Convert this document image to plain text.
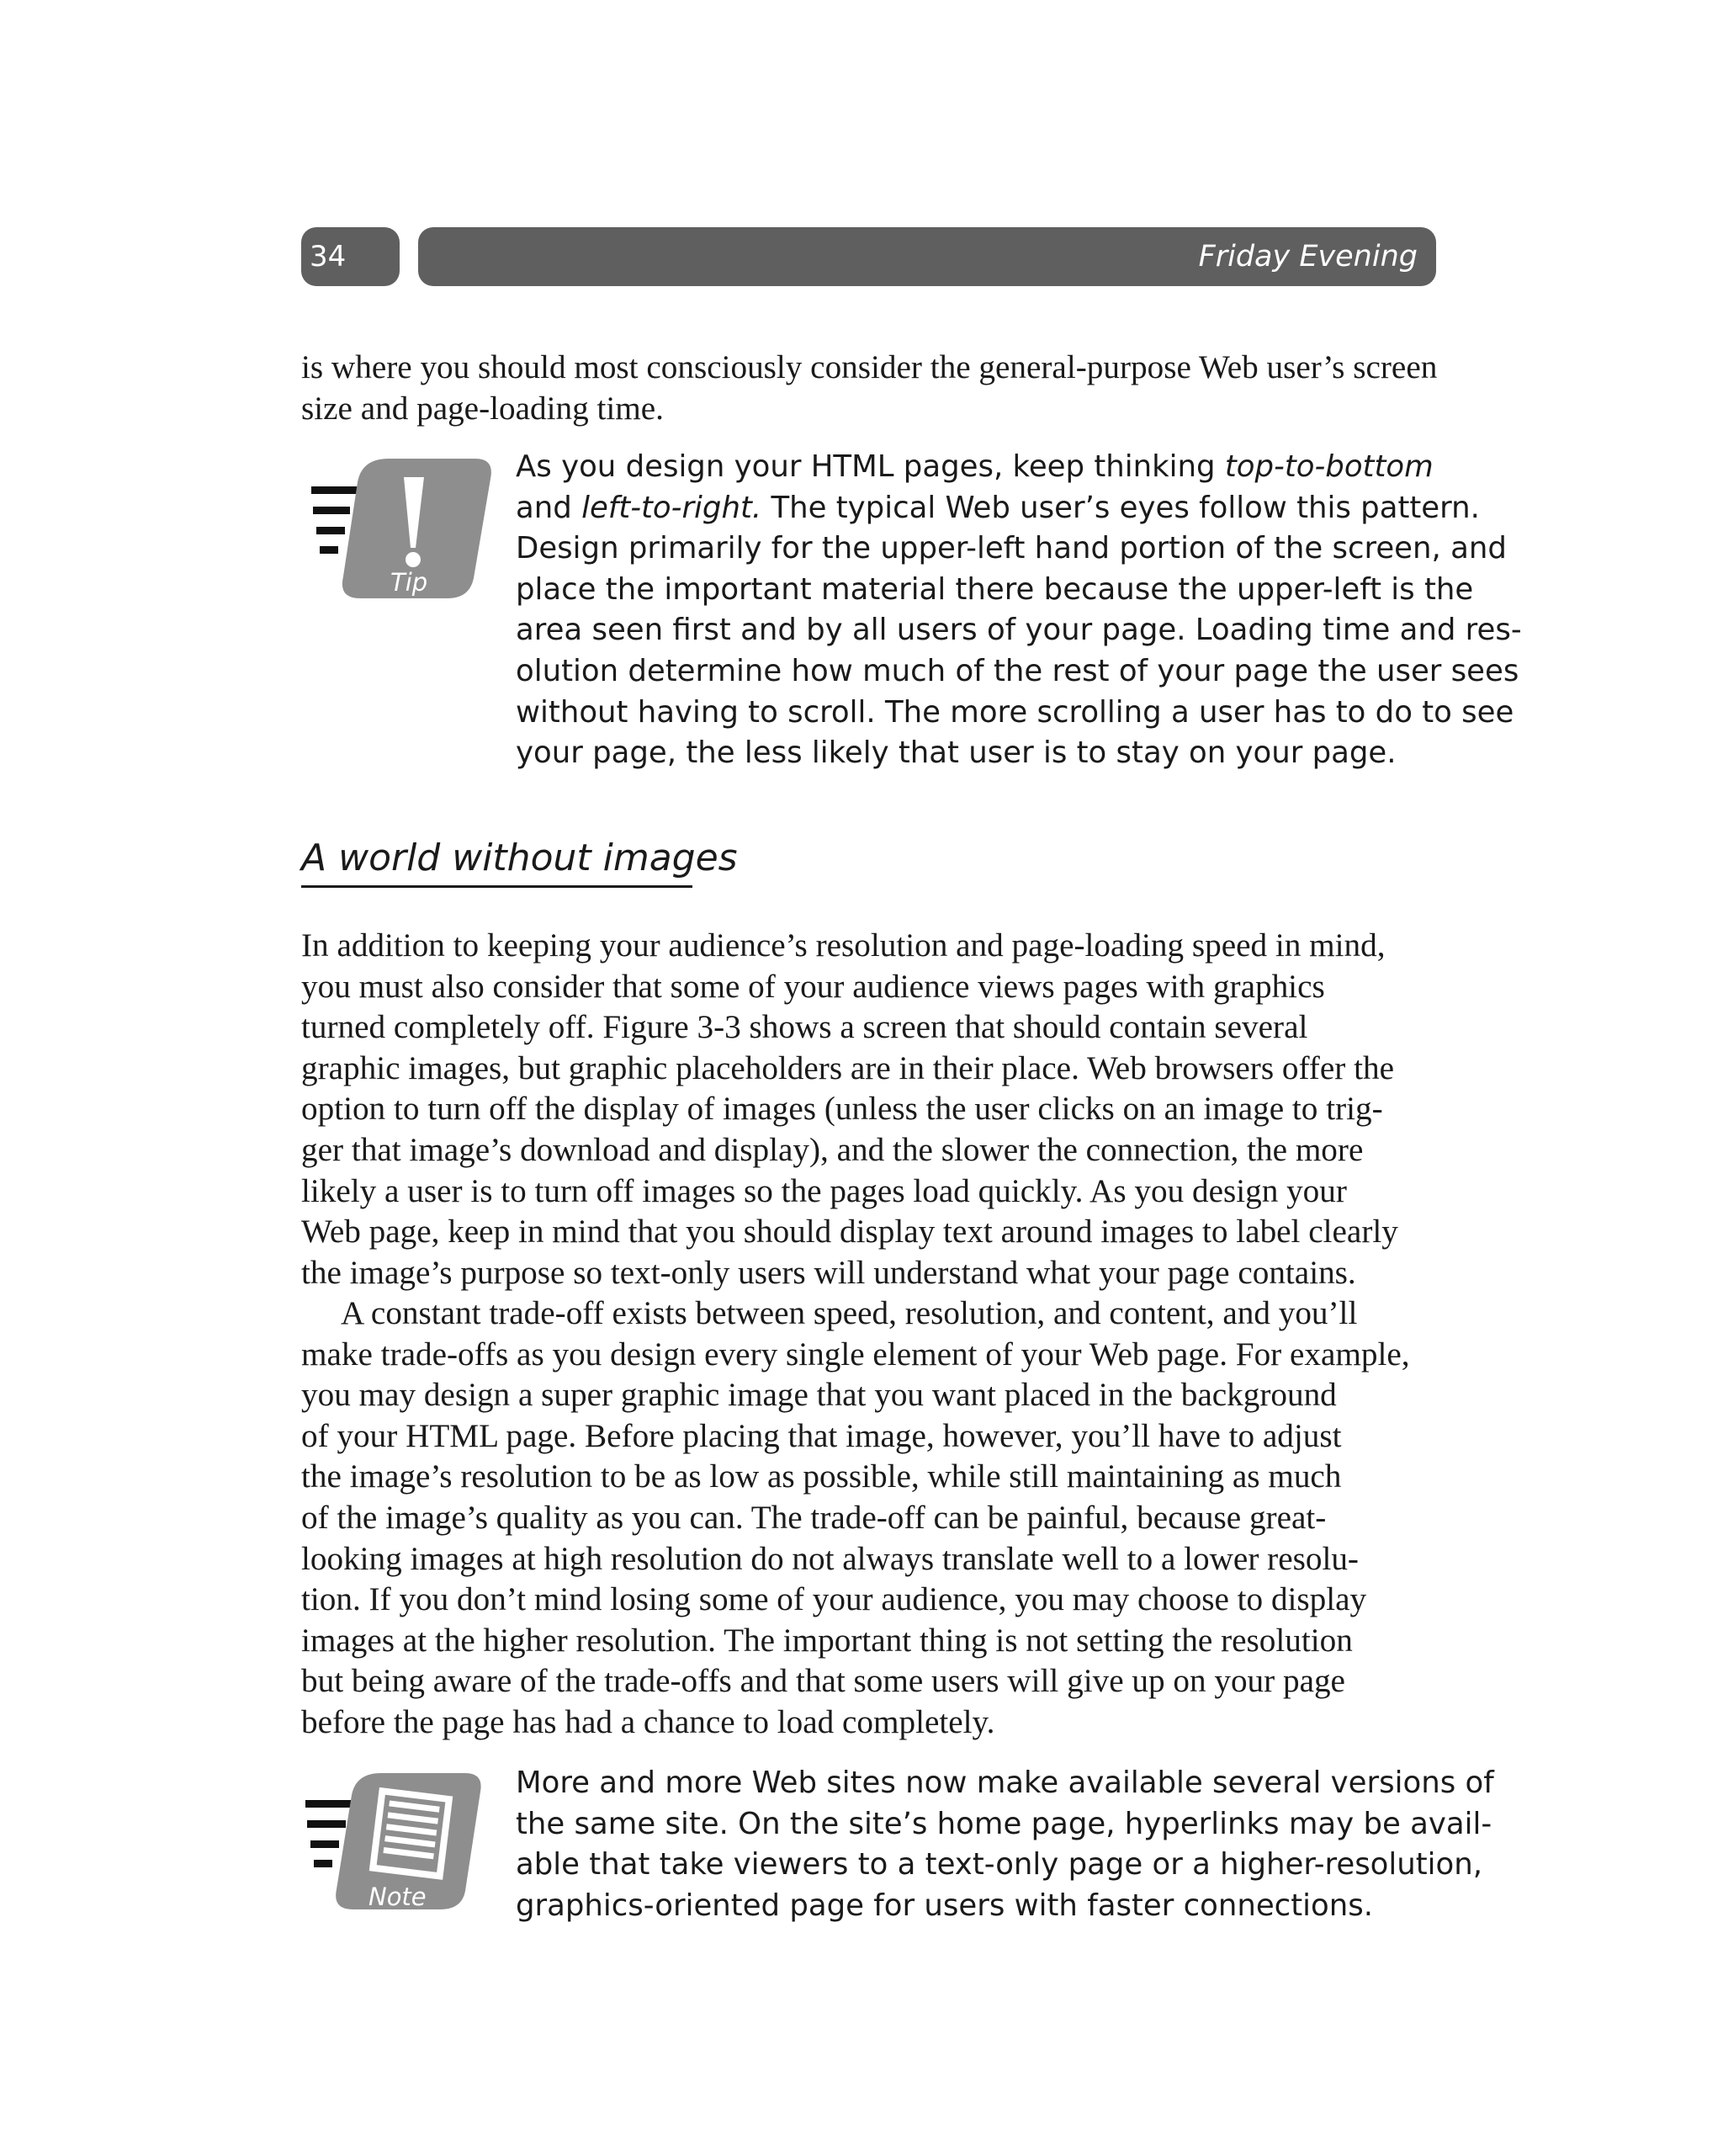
34	Friday Evening
is where you should most consciously consider the general-purpose Web user’s screen
size and page-loading time.
Tip
As you design your HTML pages, keep thinking top-to-bottom
and left-to-right. The typical Web user’s eyes follow this pattern.
Design primarily for the upper-left hand portion of the screen, and
place the important material there because the upper-left is the
area seen first and by all users of your page. Loading time and res-
olution determine how much of the rest of your page the user sees
without having to scroll. The more scrolling a user has to do to see
your page, the less likely that user is to stay on your page.
A world without images
In addition to keeping your audience’s resolution and page-loading speed in mind,
you must also consider that some of your audience views pages with graphics
turned completely off. Figure 3-3 shows a screen that should contain several
graphic images, but graphic placeholders are in their place. Web browsers offer the
option to turn off the display of images (unless the user clicks on an image to trig-
ger that image’s download and display), and the slower the connection, the more
likely a user is to turn off images so the pages load quickly. As you design your
Web page, keep in mind that you should display text around images to label clearly
the image’s purpose so text-only users will understand what your page contains.
A constant trade-off exists between speed, resolution, and content, and you’ll
make trade-offs as you design every single element of your Web page. For example,
you may design a super graphic image that you want placed in the background
of your HTML page. Before placing that image, however, you’ll have to adjust
the image’s resolution to be as low as possible, while still maintaining as much
of the image’s quality as you can. The trade-off can be painful, because great-
looking images at high resolution do not always translate well to a lower resolu-
tion. If you don’t mind losing some of your audience, you may choose to display
images at the higher resolution. The important thing is not setting the resolution
but being aware of the trade-offs and that some users will give up on your page
before the page has had a chance to load completely.
Note
More and more Web sites now make available several versions of
the same site. On the site’s home page, hyperlinks may be avail-
able that take viewers to a text-only page or a higher-resolution,
graphics-oriented page for users with faster connections.
